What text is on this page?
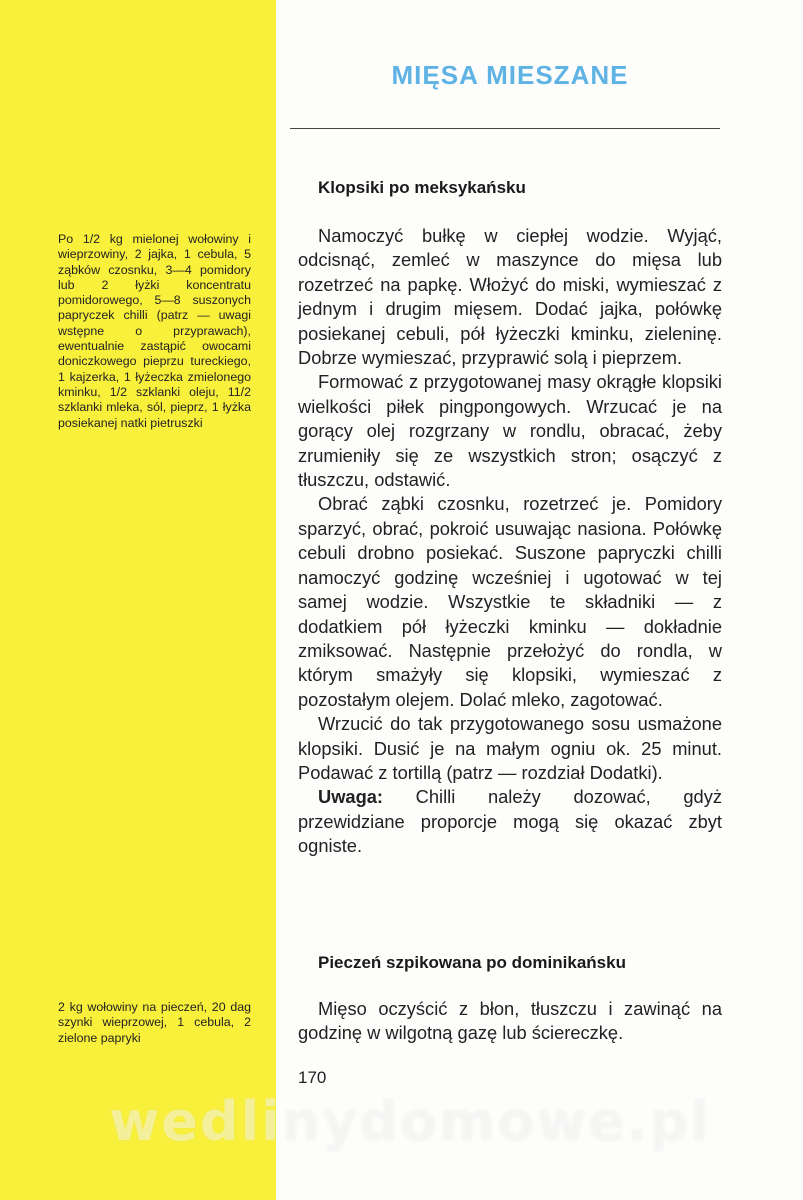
Po 1/2 kg mielonej wołowiny i wieprzowiny, 2 jajka, 1 cebula, 5 ząbków czosnku, 3—4 pomidory lub 2 łyżki koncentratu pomidorowego, 5—8 suszonych papryczek chilli (patrz — uwagi wstępne o przyprawach), ewentualnie zastąpić owocami doniczkowego pieprzu tureckiego, 1 kajzerka, 1 łyżeczka zmielonego kminku, 1/2 szklanki oleju, 11/2 szklanki mleka, sól, pieprz, 1 łyżka posiekanej natki pietruszki
2 kg wołowiny na pieczeń, 20 dag szynki wieprzowej, 1 cebula, 2 zielone papryki
MIĘSA MIESZANE
Klopsiki po meksykańsku

Namoczyć bułkę w ciepłej wodzie. Wyjąć, odcisnąć, zemleć w maszynce do mięsa lub rozetrzeć na papkę. Włożyć do miski, wymieszać z jednym i drugim mięsem. Dodać jajka, połówkę posiekanej cebuli, pół łyżeczki kminku, zieleninę. Dobrze wymieszać, przyprawić solą i pieprzem.

Formować z przygotowanej masy okrągłe klopsiki wielkości piłek pingpongowych. Wrzucać je na gorący olej rozgrzany w rondlu, obracać, żeby zrumieniły się ze wszystkich stron; osączyć z tłuszczu, odstawić.

Obrać ząbki czosnku, rozetrzeć je. Pomidory sparzyć, obrać, pokroić usuwając nasiona. Połówkę cebuli drobno posiekać. Suszone papryczki chilli namoczyć godzinę wcześniej i ugotować w tej samej wodzie. Wszystkie te składniki — z dodatkiem pół łyżeczki kminku — dokładnie zmiksować. Następnie przełożyć do rondla, w którym smażyły się klopsiki, wymieszać z pozostałym olejem. Dolać mleko, zagotować.

Wrzucić do tak przygotowanego sosu usmażone klopsiki. Dusić je na małym ogniu ok. 25 minut. Podawać z tortillą (patrz — rozdział Dodatki).

Uwaga: Chilli należy dozować, gdyż przewidziane proporcje mogą się okazać zbyt ogniste.

Pieczeń szpikowana po dominikańsku

Mięso oczyścić z błon, tłuszczu i zawinąć na godzinę w wilgotną gazę lub ściereczkę.

170
wedlinydomowe.pl
